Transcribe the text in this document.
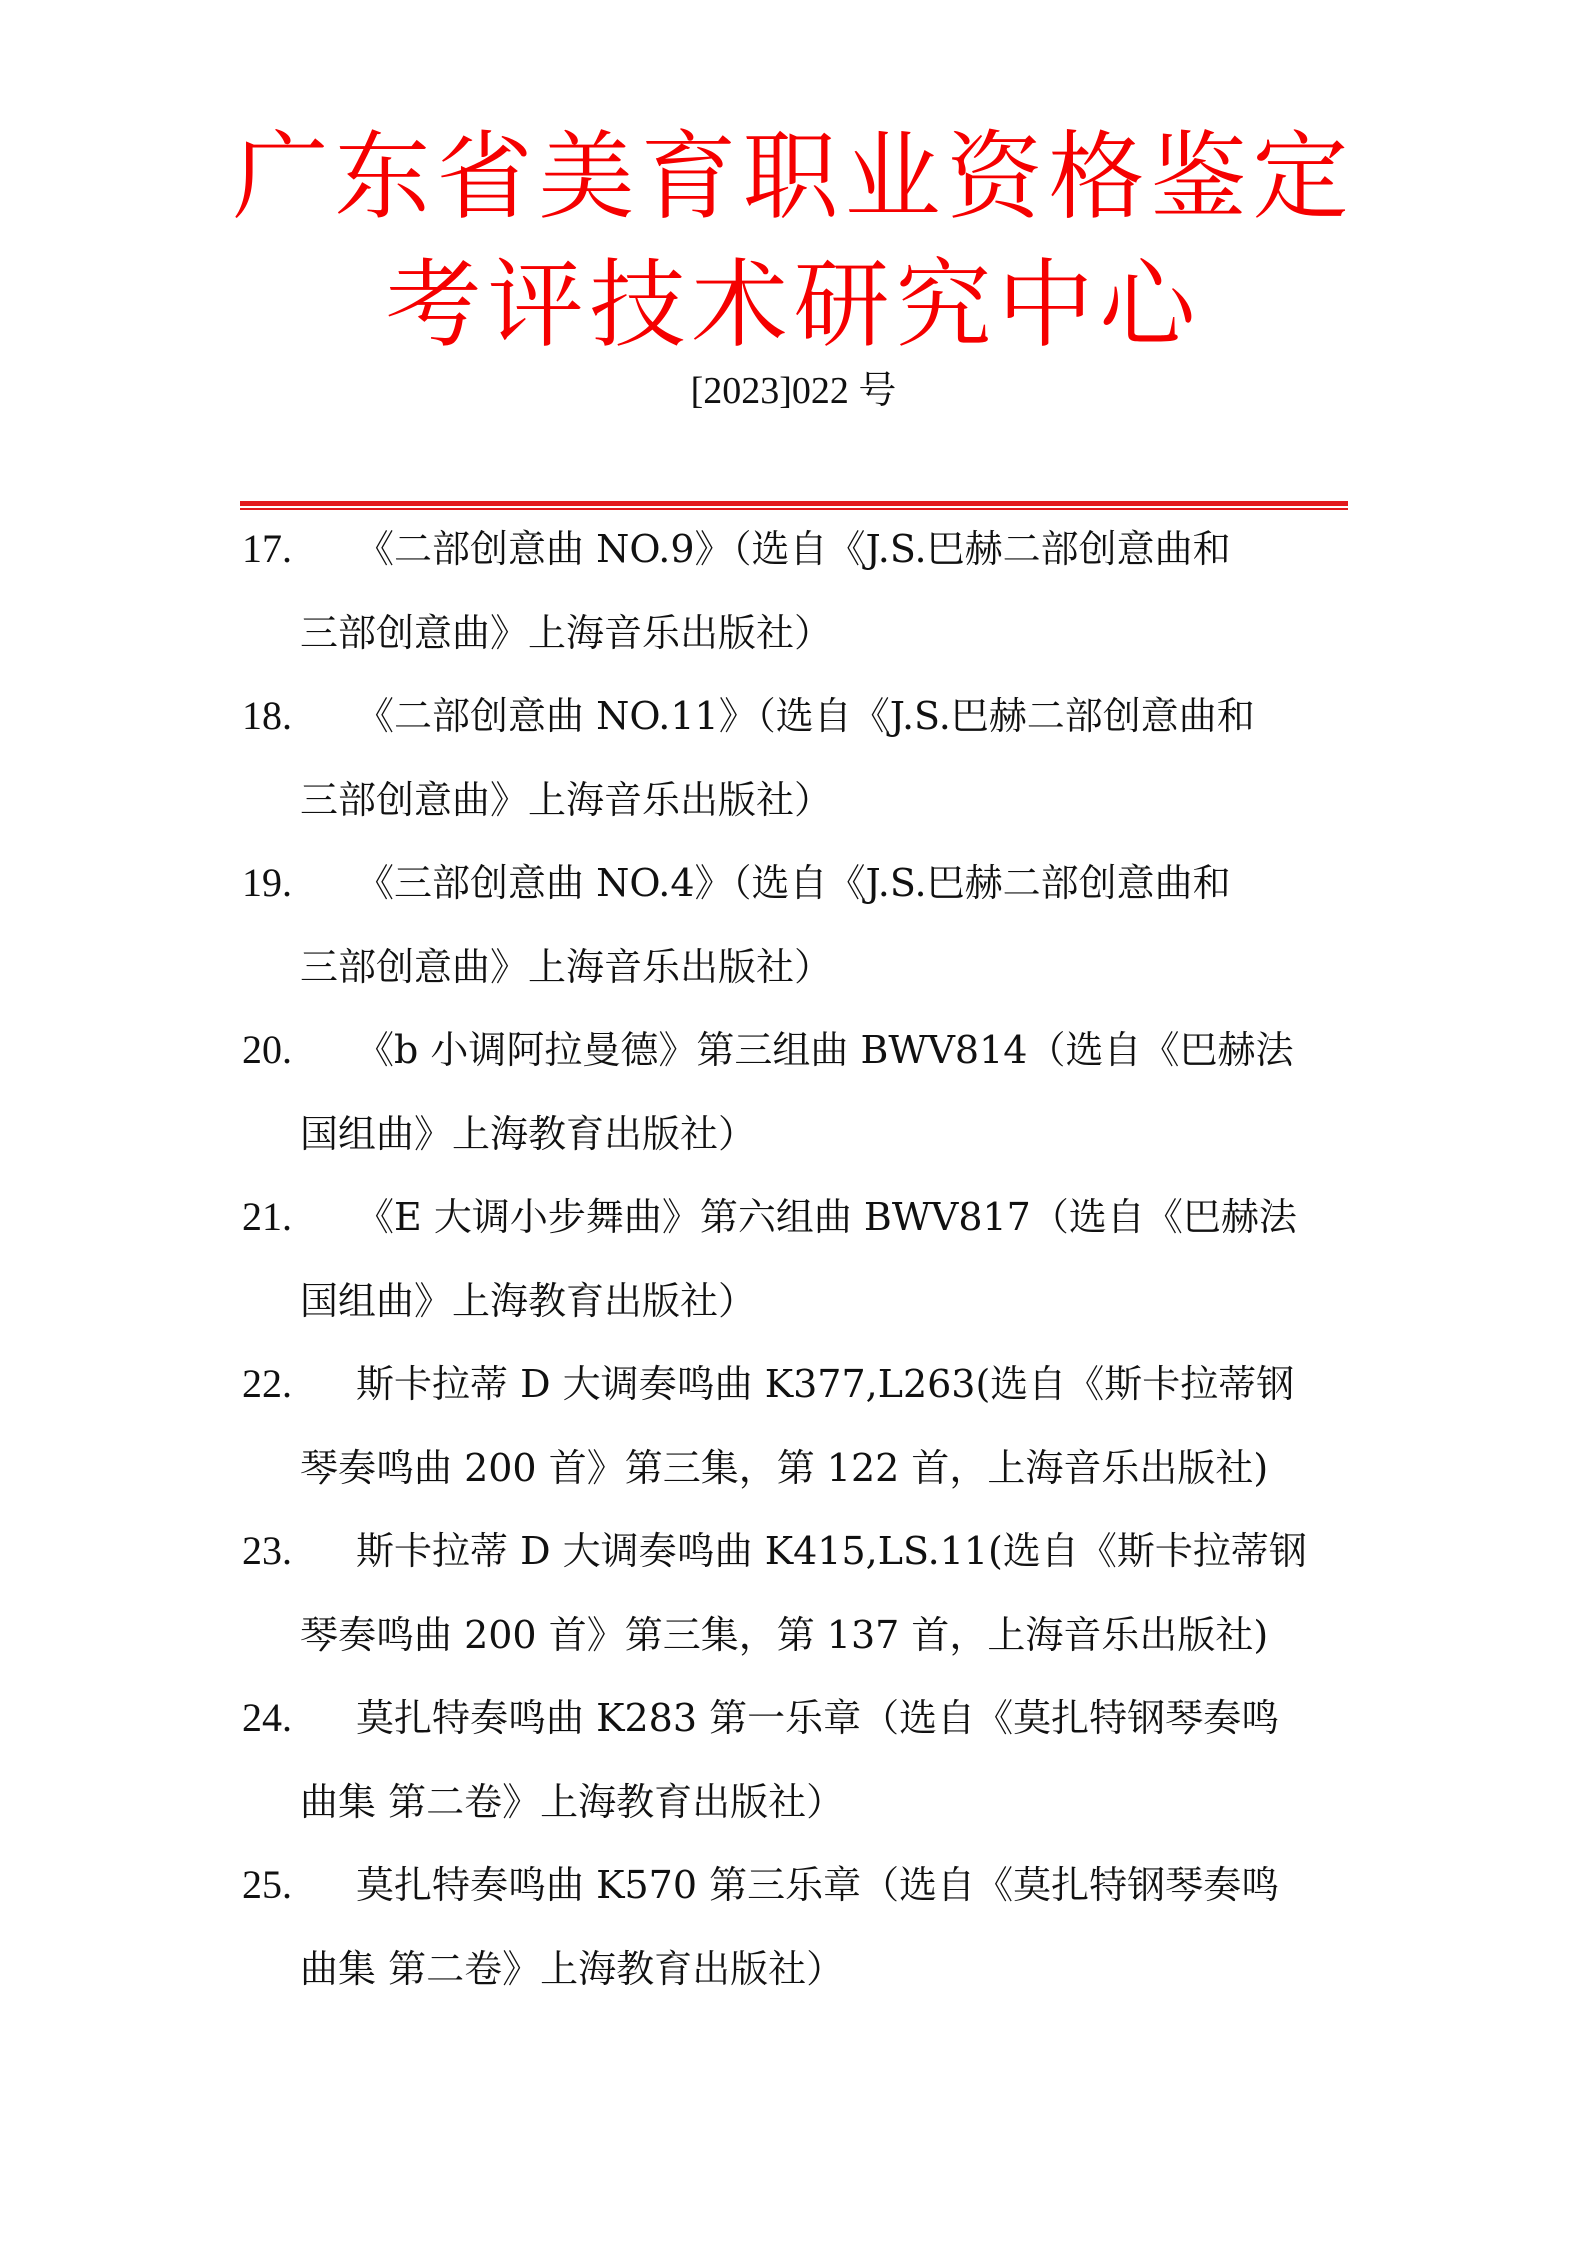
广东省美育职业资格鉴定
考评技术研究中心
[2023]022 号
17. 《二部创意曲 NO.9》（选自《J.S.巴赫二部创意曲和
三部创意曲》上海音乐出版社）
18. 《二部创意曲 NO.11》（选自《J.S.巴赫二部创意曲和
三部创意曲》上海音乐出版社）
19. 《三部创意曲 NO.4》（选自《J.S.巴赫二部创意曲和
三部创意曲》上海音乐出版社）
20. 《b 小调阿拉曼德》第三组曲 BWV814（选自《巴赫法
国组曲》上海教育出版社）
21. 《E 大调小步舞曲》第六组曲 BWV817（选自《巴赫法
国组曲》上海教育出版社）
22. 斯卡拉蒂 D 大调奏鸣曲 K377,L263(选自《斯卡拉蒂钢
琴奏鸣曲 200 首》第三集，第 122 首，上海音乐出版社)
23. 斯卡拉蒂 D 大调奏鸣曲 K415,LS.11(选自《斯卡拉蒂钢
琴奏鸣曲 200 首》第三集，第 137 首，上海音乐出版社)
24. 莫扎特奏鸣曲 K283 第一乐章（选自《莫扎特钢琴奏鸣
曲集 第二卷》上海教育出版社）
25. 莫扎特奏鸣曲 K570 第三乐章（选自《莫扎特钢琴奏鸣
曲集 第二卷》上海教育出版社）
